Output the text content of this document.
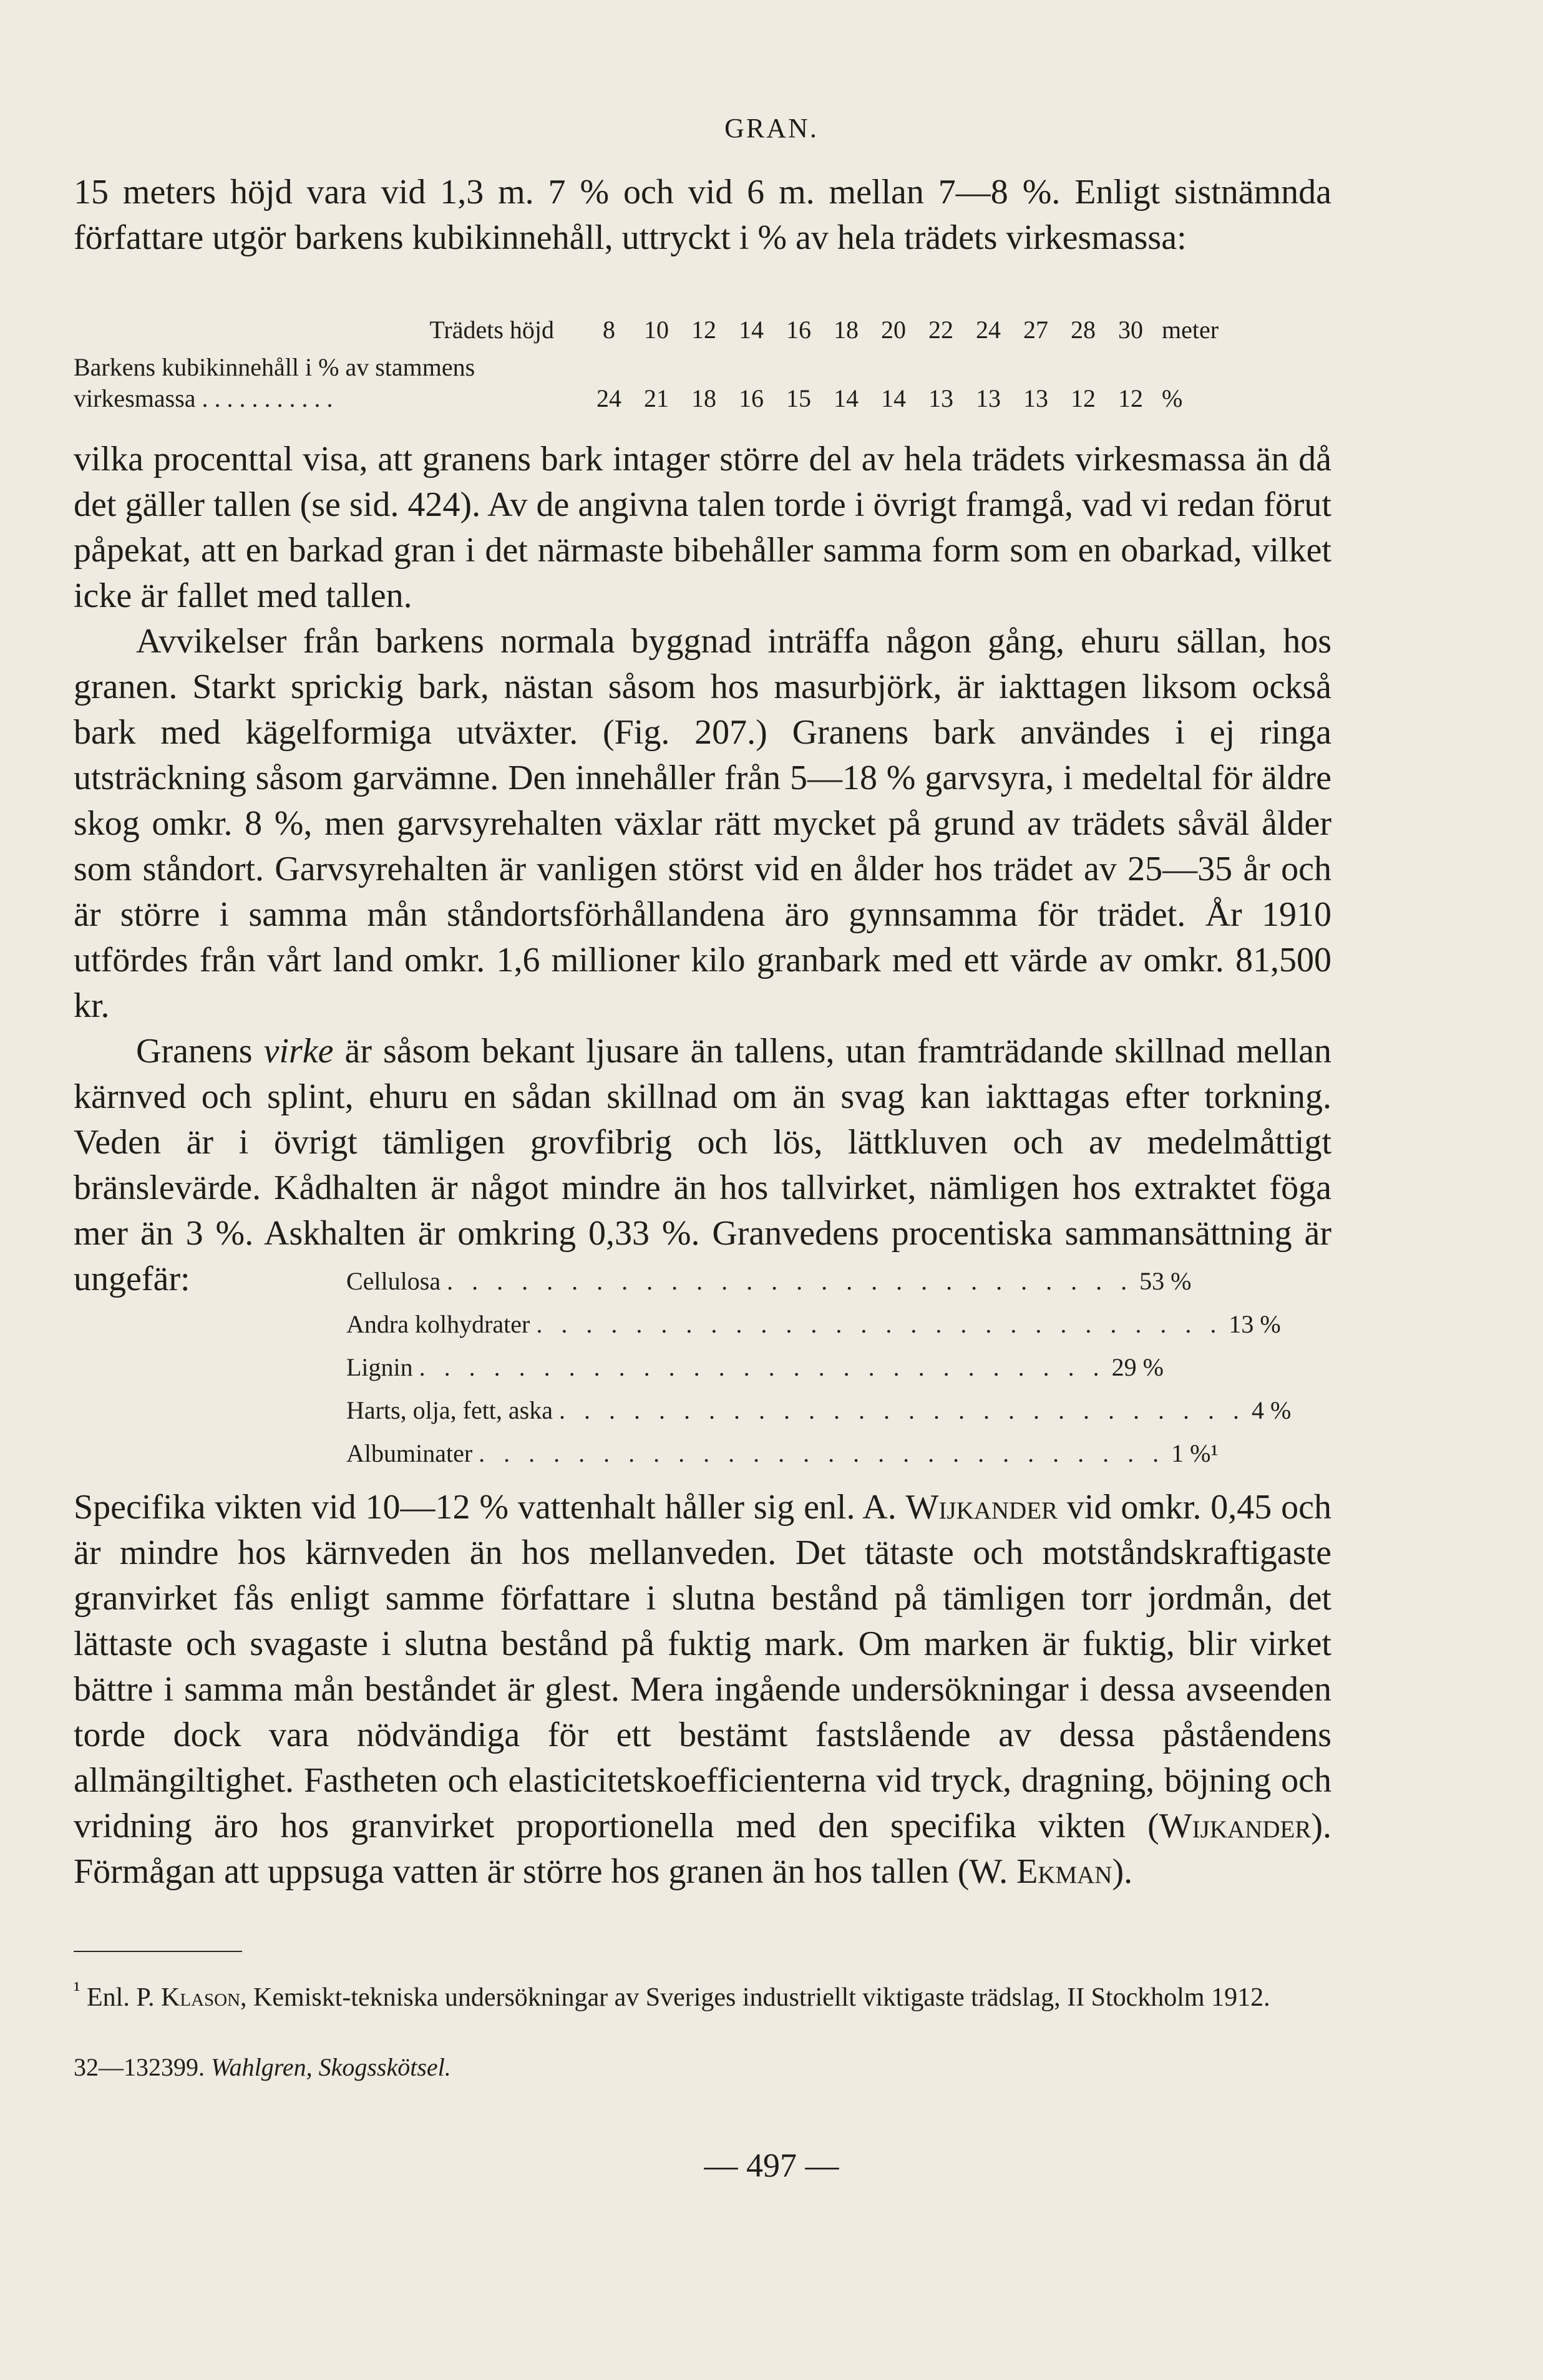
GRAN.

15 meters höjd vara vid 1,3 m. 7 % och vid 6 m. mellan 7—8 %. Enligt sistnämnda författare utgör barkens kubikinnehåll, uttryckt i % av hela trädets virkesmassa:

Trädets höjd	8	10 12 14 16 18 20 22 24 27 28 30 meter
Barkens kubikinnehåll i % av stammens
virkesmassa . . . . . . . . . . .	24 21 18 16 15 14 14 13 13 13 12 12 %

vilka procenttal visa, att granens bark intager större del av hela trädets virkesmassa än då det gäller tallen (se sid. 424). Av de angivna talen torde i övrigt framgå, vad vi redan förut påpekat, att en barkad gran i det närmaste bibehåller samma form som en obarkad, vilket icke är fallet med tallen.

Avvikelser från barkens normala byggnad inträffa någon gång, ehuru sällan, hos granen. Starkt sprickig bark, nästan såsom hos masurbjörk, är iakttagen liksom också bark med kägelformiga utväxter. (Fig. 207.) Granens bark användes i ej ringa utsträckning såsom garvämne. Den innehåller från 5—18 % garvsyra, i medeltal för äldre skog omkr. 8 %, men garvsyrehalten växlar rätt mycket på grund av trädets såväl ålder som ståndort. Garvsyrehalten är vanligen störst vid en ålder hos trädet av 25—35 år och är större i samma mån ståndortsförhållandena äro gynnsamma för trädet. År 1910 utfördes från vårt land omkr. 1,6 millioner kilo granbark med ett värde av omkr. 81,500 kr.

Granens virke är såsom bekant ljusare än tallens, utan framträdande skillnad mellan kärnved och splint, ehuru en sådan skillnad om än svag kan iakttagas efter torkning. Veden är i övrigt tämligen grovfibrig och lös, lättkluven och av medelmåttigt bränslevärde. Kådhalten är något mindre än hos tallvirket, nämligen hos extraktet föga mer än 3 %. Askhalten är omkring 0,33 %. Granvedens procentiska sammansättning är ungefär:	Cellulosa . . . . . . . . . . . . . . . . . . . . . . . . . . . . 53 %
Andra kolhydrater . . . . . . . . . . . . . . . . . . . . . . . . . . . . 13 %
Lignin . . . . . . . . . . . . . . . . . . . . . . . . . . . . 29 %
Harts, olja, fett, aska . . . . . . . . . . . . . . . . . . . . . . . . . . . . 4 %
Albuminater . . . . . . . . . . . . . . . . . . . . . . . . . . . . 1 %¹

Specifika vikten vid 10—12 % vattenhalt håller sig enl. A. Wijkander vid omkr. 0,45 och är mindre hos kärnveden än hos mellanveden. Det tätaste och motståndskraftigaste granvirket fås enligt samme författare i slutna bestånd på tämligen torr jordmån, det lättaste och svagaste i slutna bestånd på fuktig mark. Om marken är fuktig, blir virket bättre i samma mån beståndet är glest. Mera ingående undersökningar i dessa avseenden torde dock vara nödvändiga för ett bestämt fastslående av dessa påståendens allmängiltighet. Fastheten och elasticitetskoefficienterna vid tryck, dragning, böjning och vridning äro hos granvirket proportionella med den specifika vikten (Wijkander). Förmågan att uppsuga vatten är större hos granen än hos tallen (W. Ekman).

$^{^1}$ Enl. P. Klason, Kemiskt-tekniska undersökningar av Sveriges industriellt viktigaste trädslag, II Stockholm 1912.
32—132399. Wahlgren, Skogsskötsel.
— 497 —
